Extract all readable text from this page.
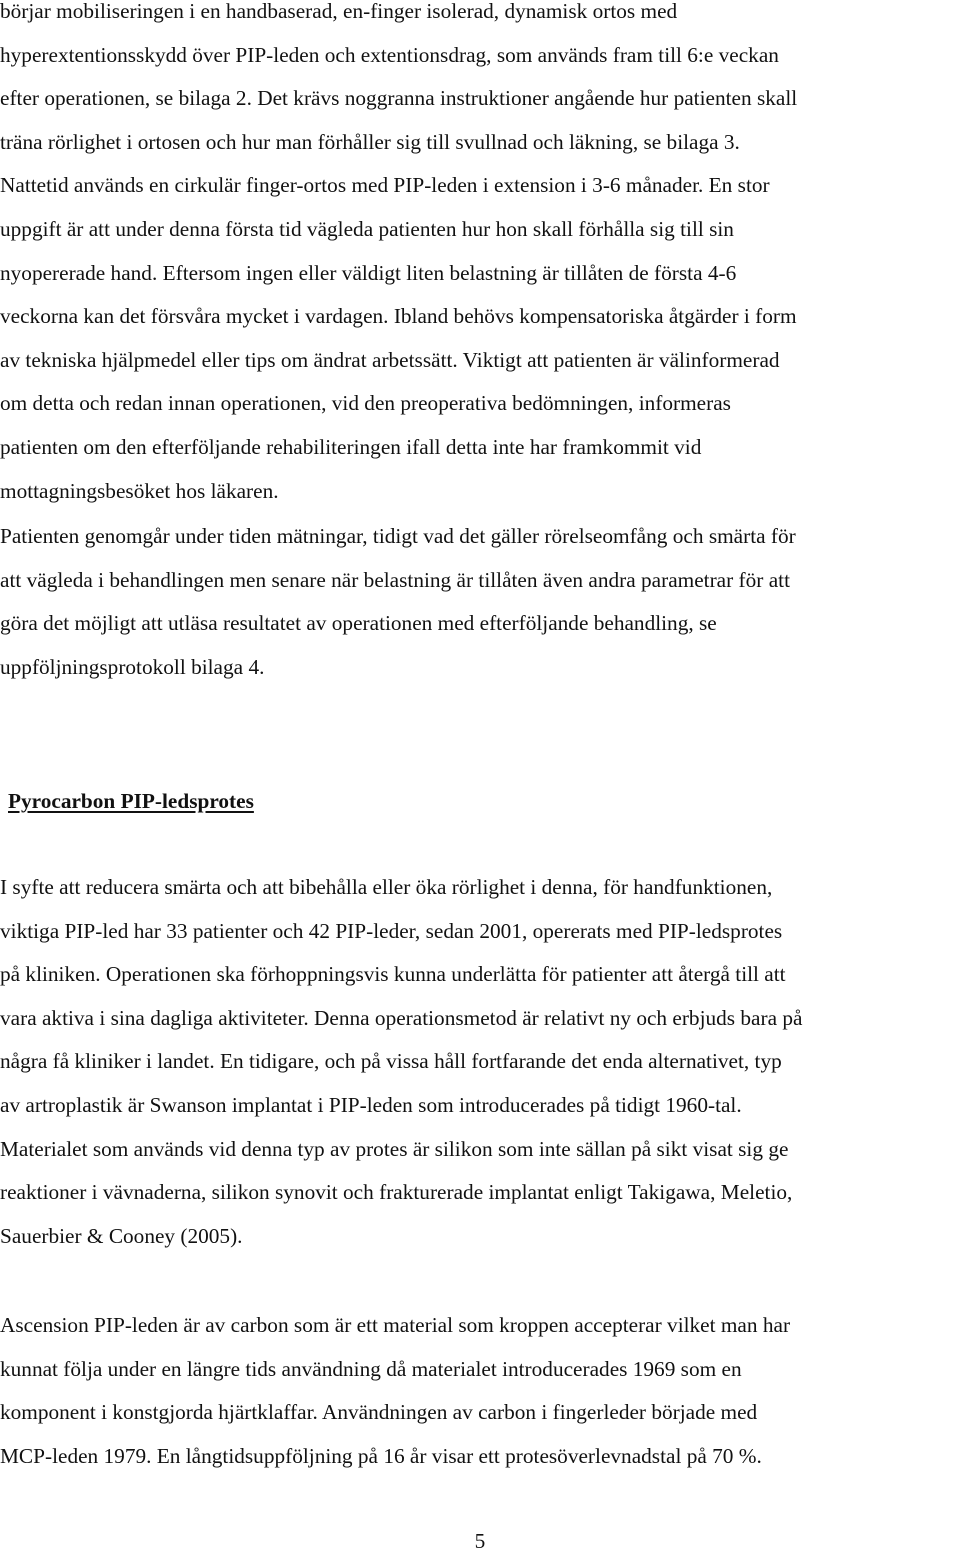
börjar mobiliseringen i en handbaserad, en-finger isolerad, dynamisk ortos med
hyperextentionsskydd över PIP-leden och extentionsdrag, som används fram till 6:e veckan
efter operationen, se bilaga 2. Det krävs noggranna instruktioner angående hur patienten skall
träna rörlighet i ortosen och hur man förhåller sig till svullnad och läkning, se bilaga 3.
Nattetid används en cirkulär finger-ortos med PIP-leden i extension i 3-6 månader. En stor
uppgift är att under denna första tid vägleda patienten hur hon skall förhålla sig till sin
nyopererade hand. Eftersom ingen eller väldigt liten belastning är tillåten de första 4-6
veckorna kan det försvåra mycket i vardagen. Ibland behövs kompensatoriska åtgärder i form
av tekniska hjälpmedel eller tips om ändrat arbetssätt. Viktigt att patienten är välinformerad
om detta och redan innan operationen, vid den preoperativa bedömningen, informeras
patienten om den efterföljande rehabiliteringen ifall detta inte har framkommit vid
mottagningsbesöket hos läkaren.

Patienten genomgår under tiden mätningar, tidigt vad det gäller rörelseomfång och smärta för
att vägleda i behandlingen men senare när belastning är tillåten även andra parametrar för att
göra det möjligt att utläsa resultatet av operationen med efterföljande behandling, se
uppföljningsprotokoll bilaga 4.

Pyrocarbon PIP-ledsprotes

I syfte att reducera smärta och att bibehålla eller öka rörlighet i denna, för handfunktionen,
viktiga PIP-led har 33 patienter och 42 PIP-leder, sedan 2001, opererats med PIP-ledsprotes
på kliniken. Operationen ska förhoppningsvis kunna underlätta för patienter att återgå till att
vara aktiva i sina dagliga aktiviteter. Denna operationsmetod är relativt ny och erbjuds bara på
några få kliniker i landet. En tidigare, och på vissa håll fortfarande det enda alternativet, typ
av artroplastik är Swanson implantat i PIP-leden som introducerades på tidigt 1960-tal.
Materialet som används vid denna typ av protes är silikon som inte sällan på sikt visat sig ge
reaktioner i vävnaderna, silikon synovit och frakturerade implantat enligt Takigawa, Meletio,
Sauerbier & Cooney (2005).

Ascension PIP-leden är av carbon som är ett material som kroppen accepterar vilket man har
kunnat följa under en längre tids användning då materialet introducerades 1969 som en
komponent i konstgjorda hjärtklaffar. Användningen av carbon i fingerleder började med
MCP-leden 1979. En långtidsuppföljning på 16 år visar ett protesöverlevnadstal på 70 %.

5
